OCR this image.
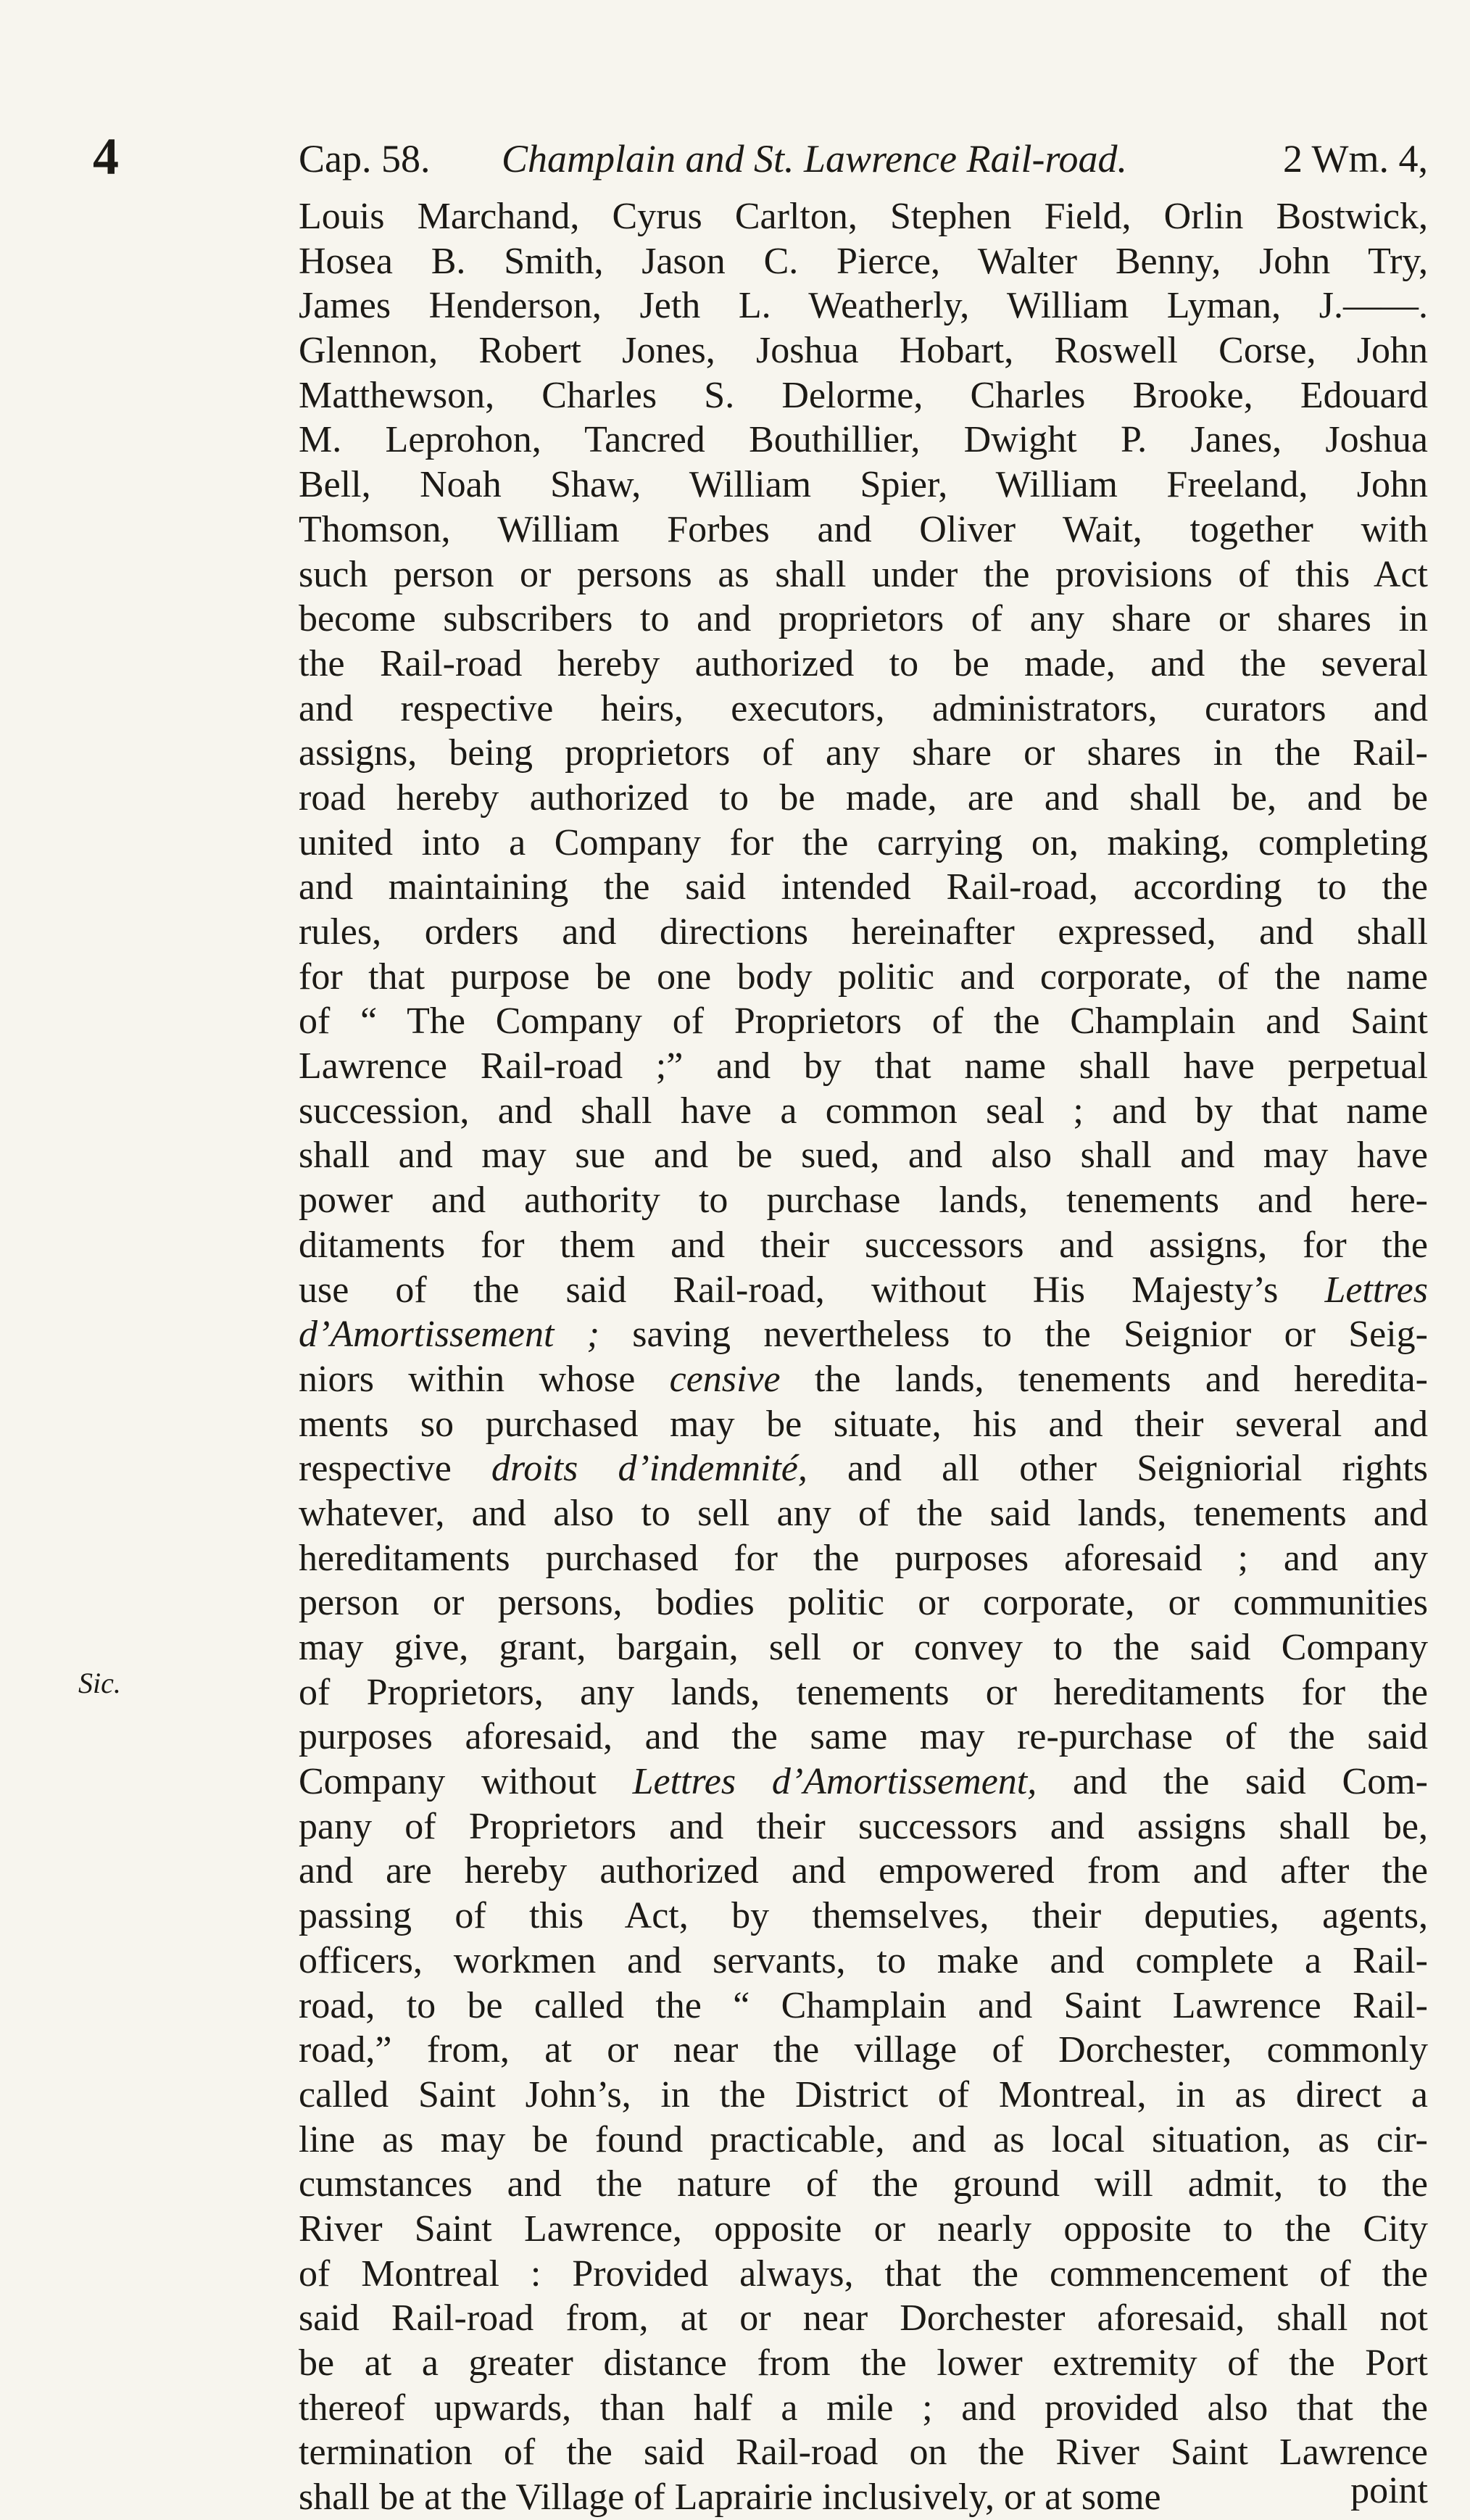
4	Cap. 58. Champlain and St. Lawrence Rail-road.	2 Wm. 4,
Sic.
Louis Marchand, Cyrus Carlton, Stephen Field, Orlin Bostwick,
Hosea B. Smith, Jason C. Pierce, Walter Benny, John Try,
James Henderson, Jeth L. Weatherly, William Lyman, J.——.
Glennon, Robert Jones, Joshua Hobart, Roswell Corse, John
Matthewson, Charles S. Delorme, Charles Brooke, Edouard
M. Leprohon, Tancred Bouthillier, Dwight P. Janes, Joshua
Bell, Noah Shaw, William Spier, William Freeland, John
Thomson, William Forbes and Oliver Wait, together with
such person or persons as shall under the provisions of this Act
become subscribers to and proprietors of any share or shares in
the Rail-road hereby authorized to be made, and the several
and respective heirs, executors, administrators, curators and
assigns, being proprietors of any share or shares in the Rail-
road hereby authorized to be made, are and shall be, and be
united into a Company for the carrying on, making, completing
and maintaining the said intended Rail-road, according to the
rules, orders and directions hereinafter expressed, and shall
for that purpose be one body politic and corporate, of the name
of “ The Company of Proprietors of the Champlain and Saint
Lawrence Rail-road ;” and by that name shall have perpetual
succession, and shall have a common seal ; and by that name
shall and may sue and be sued, and also shall and may have
power and authority to purchase lands, tenements and here-
ditaments for them and their successors and assigns, for the
use of the said Rail-road, without His Majesty’s Lettres
d’Amortissement ; saving nevertheless to the Seignior or Seig-
niors within whose censive the lands, tenements and heredita-
ments so purchased may be situate, his and their several and
respective droits d’indemnité, and all other Seigniorial rights
whatever, and also to sell any of the said lands, tenements and
hereditaments purchased for the purposes aforesaid ; and any
person or persons, bodies politic or corporate, or communities
may give, grant, bargain, sell or convey to the said Company
of Proprietors, any lands, tenements or hereditaments for the
purposes aforesaid, and the same may re-purchase of the said
Company without Lettres d’Amortissement, and the said Com-
pany of Proprietors and their successors and assigns shall be,
and are hereby authorized and empowered from and after the
passing of this Act, by themselves, their deputies, agents,
officers, workmen and servants, to make and complete a Rail-
road, to be called the “ Champlain and Saint Lawrence Rail-
road,” from, at or near the village of Dorchester, commonly
called Saint John’s, in the District of Montreal, in as direct a
line as may be found practicable, and as local situation, as cir-
cumstances and the nature of the ground will admit, to the
River Saint Lawrence, opposite or nearly opposite to the City
of Montreal : Provided always, that the commencement of the
said Rail-road from, at or near Dorchester aforesaid, shall not
be at a greater distance from the lower extremity of the Port
thereof upwards, than half a mile ; and provided also that the
termination of the said Rail-road on the River Saint Lawrence
shall be at the Village of Laprairie inclusively, or at some	point
